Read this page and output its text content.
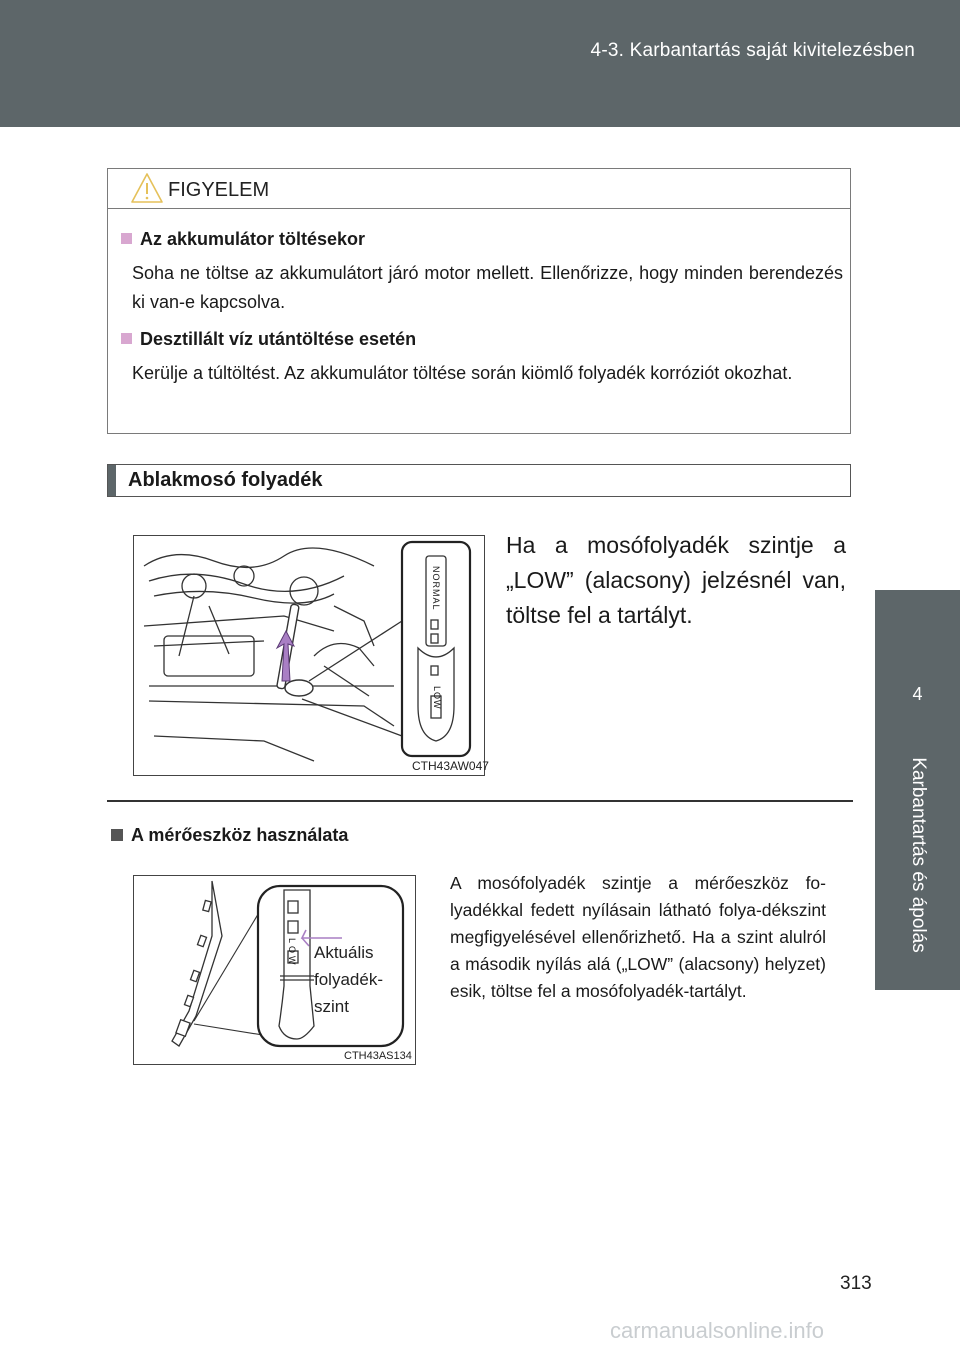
4-3. Karbantartás saját kivitelezésben
4
Karbantartás és ápolás
FIGYELEM
Az akkumulátor töltésekor
Soha ne töltse az akkumulátort járó motor mellett. Ellenőrizze, hogy minden berendezés ki van-e kapcsolva.
Desztillált víz utántöltése esetén
Kerülje a túltöltést. Az akkumulátor töltése során kiömlő folyadék korróziót okozhat.
Ablakmosó folyadék
NORMAL
LOW
CTH43AW047
Ha a mosófolyadék szintje a „LOW” (alacsony) jelzésnél van, töltse fel a tartályt.
A mérőeszköz használata
LOW
CTH43AS134
Aktuális
folyadék-
szint
A mosófolyadék szintje a mérőeszköz fo-lyadékkal fedett nyílásain látható folya-dékszint megfigyelésével ellenőrizhető. Ha a szint alulról a második nyílás alá („LOW” (alacsony) helyzet) esik, töltse fel a mosófolyadék-tartályt.
313
carmanualsonline.info
